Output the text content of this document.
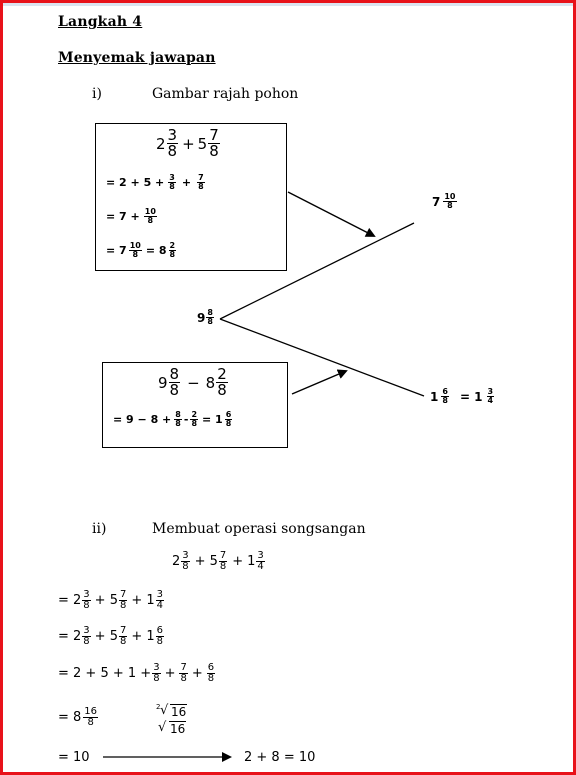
Langkah 4
Menyemak jawapan
i)	Gambar rajah pohon
$2 \frac{3}{8} + 5 \frac{7}{8}$
= $2 + 5 + \frac{3}{8} + \frac{7}{8}$
= $7 + \frac{10}{8}$
= $7 \frac{10}{8} = 8 \frac{2}{8}$
$9 \frac{8}{8} - 8 \frac{2}{8}$
= $9 - 8 + \frac{8}{8} - \frac{2}{8} = 1 \frac{6}{8}$
$9 \frac{8}{8}$
$7 \frac{10}{8}$
$1 \frac{6}{8} = 1 \frac{3}{4}$
ii)	Membuat operasi songsangan
$2 \frac{3}{8} + 5 \frac{7}{8} + 1 \frac{3}{4}$
= $2 \frac{3}{8} + 5 \frac{7}{8} + 1 \frac{3}{4}$
= $2 \frac{3}{8} + 5 \frac{7}{8} + 1 \frac{6}{8}$
= $2 + 5 + 1 + \frac{3}{8} + \frac{7}{8} + \frac{6}{8}$
= $8 \frac{16}{8}$	2 √ 16
√ 16
= 10	2 + 8 = 10
